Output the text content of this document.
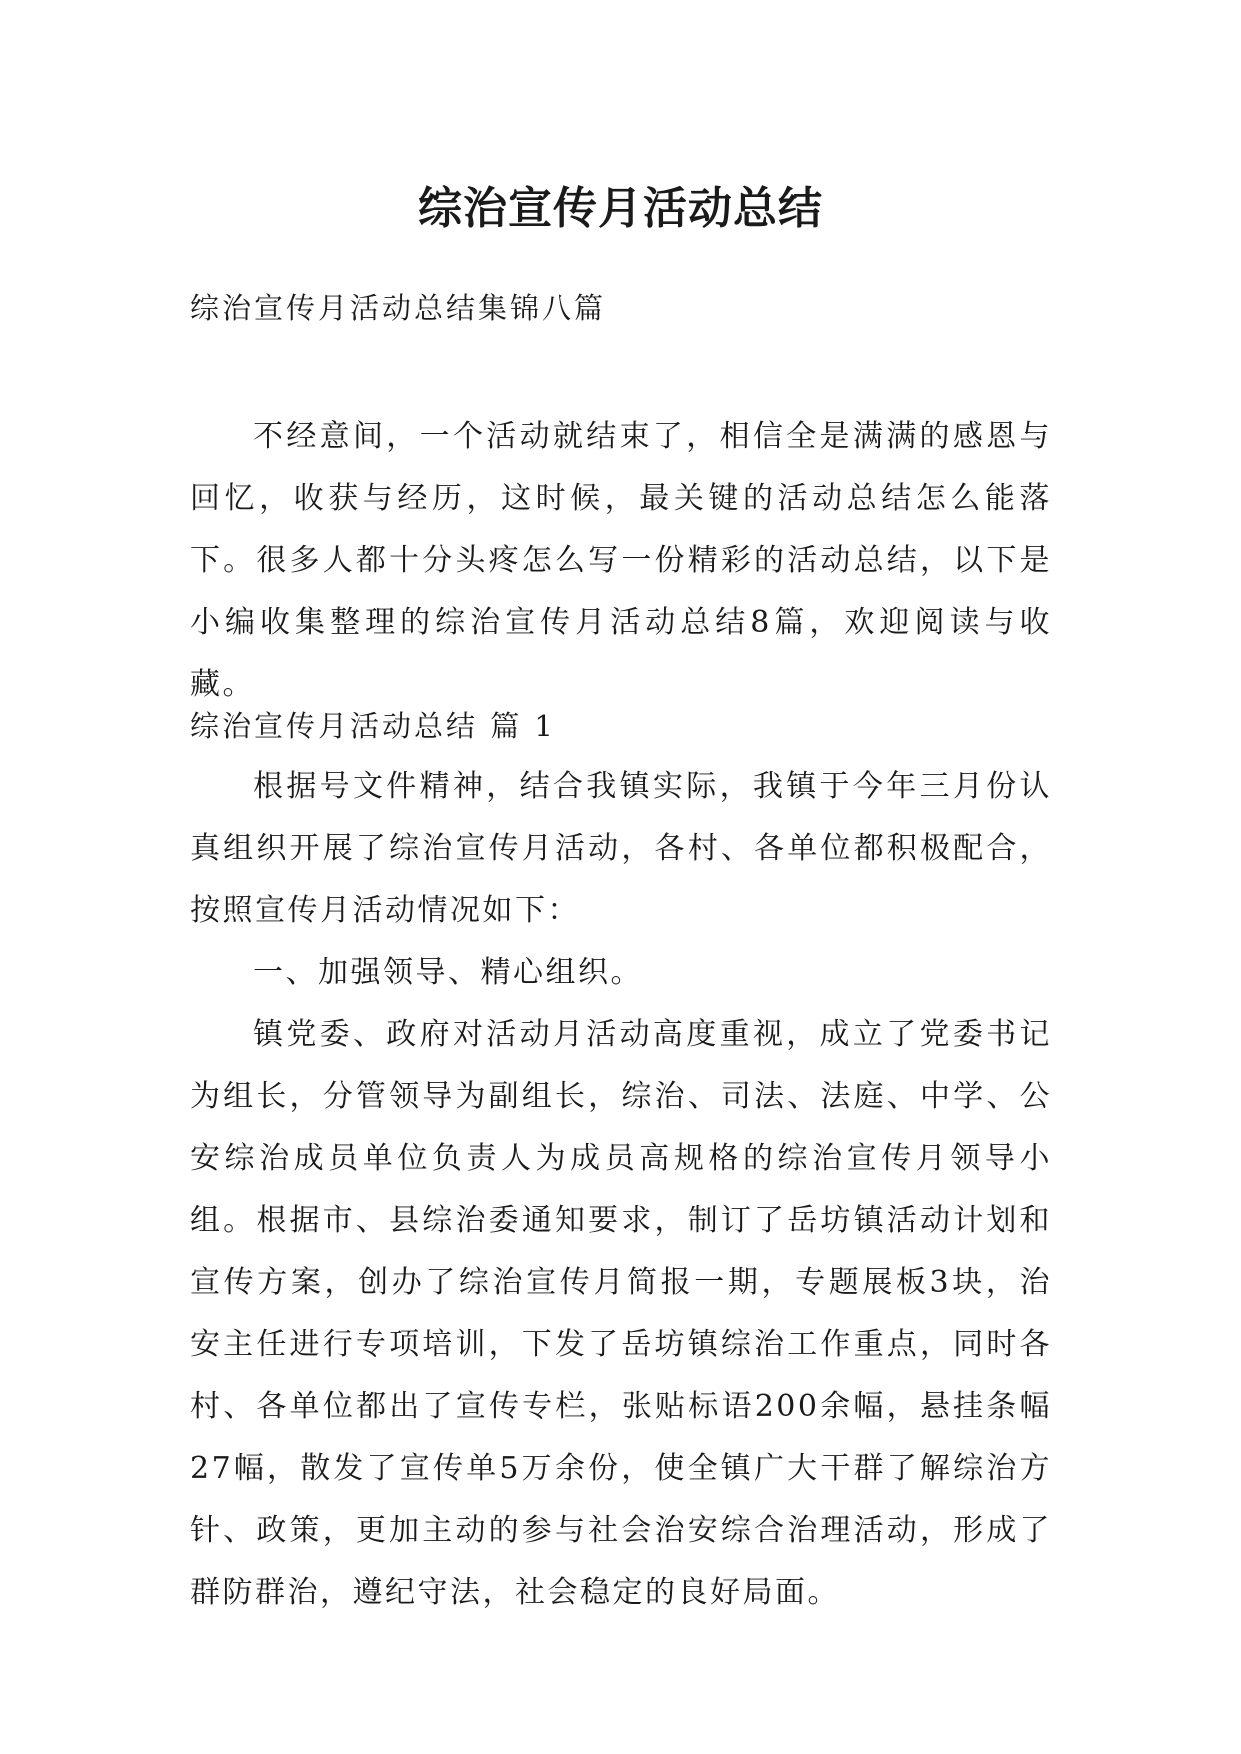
综治宣传月活动总结
综治宣传月活动总结集锦八篇

不经意间，一个活动就结束了，相信全是满满的感恩与回忆，收获与经历，这时候，最关键的活动总结怎么能落下。很多人都十分头疼怎么写一份精彩的活动总结，以下是小编收集整理的综治宣传月活动总结8篇，欢迎阅读与收藏。

综治宣传月活动总结 篇 1

根据号文件精神，结合我镇实际，我镇于今年三月份认真组织开展了综治宣传月活动，各村、各单位都积极配合，按照宣传月活动情况如下：

一、加强领导、精心组织。

镇党委、政府对活动月活动高度重视，成立了党委书记为组长，分管领导为副组长，综治、司法、法庭、中学、公安综治成员单位负责人为成员高规格的综治宣传月领导小组。根据市、县综治委通知要求，制订了岳坊镇活动计划和宣传方案，创办了综治宣传月简报一期，专题展板3块，治安主任进行专项培训，下发了岳坊镇综治工作重点，同时各村、各单位都出了宣传专栏，张贴标语200余幅，悬挂条幅27幅，散发了宣传单5万余份，使全镇广大干群了解综治方针、政策，更加主动的参与社会治安综合治理活动，形成了群防群治，遵纪守法，社会稳定的良好局面。
